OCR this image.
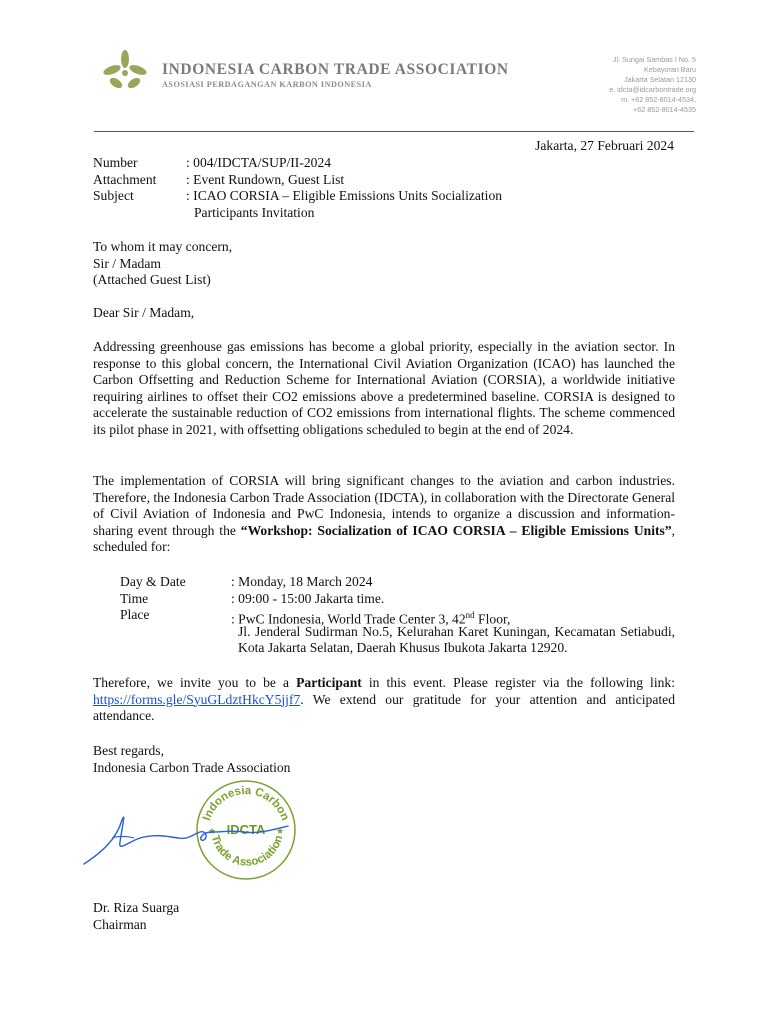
INDONESIA CARBON TRADE ASSOCIATION
ASOSIASI PERDAGANGAN KARBON INDONESIA
Jl. Sungai Sambas I No. 5
Kebayoran Baru
Jakarta Selatan 12130
e. idcta@idcarbontrade.org
m. +62 852-8014-4534,
+62 852-8014-4535
Jakarta, 27 Februari 2024
Number	: 004/IDCTA/SUP/II-2024
Attachment : Event Rundown, Guest List
Subject	: ICAO CORSIA – Eligible Emissions Units Socialization
Participants Invitation
To whom it may concern,
Sir / Madam
(Attached Guest List)
Dear Sir / Madam,
Addressing greenhouse gas emissions has become a global priority, especially in the aviation sector. In response to this global concern, the International Civil Aviation Organization (ICAO) has launched the Carbon Offsetting and Reduction Scheme for International Aviation (CORSIA), a worldwide initiative requiring airlines to offset their CO2 emissions above a predetermined baseline. CORSIA is designed to accelerate the sustainable reduction of CO2 emissions from international flights. The scheme commenced its pilot phase in 2021, with offsetting obligations scheduled to begin at the end of 2024.
The implementation of CORSIA will bring significant changes to the aviation and carbon industries. Therefore, the Indonesia Carbon Trade Association (IDCTA), in collaboration with the Directorate General of Civil Aviation of Indonesia and PwC Indonesia, intends to organize a discussion and information-sharing event through the “Workshop: Socialization of ICAO CORSIA – Eligible Emissions Units”, scheduled for:
Day & Date	: Monday, 18 March 2024
Time	: 09:00 - 15:00 Jakarta time.
Place	: PwC Indonesia, World Trade Center 3, 42nd Floor,
Jl. Jenderal Sudirman No.5, Kelurahan Karet Kuningan, Kecamatan Setiabudi, Kota Jakarta Selatan, Daerah Khusus Ibukota Jakarta 12920.
Therefore, we invite you to be a Participant in this event. Please register via the following link: https://forms.gle/SyuGLdztHkcY5jjf7. We extend our gratitude for your attention and anticipated attendance.
Best regards,
Indonesia Carbon Trade Association
Indonesia Carbon
Trade Association
IDCTA
★	★
Dr. Riza Suarga
Chairman
